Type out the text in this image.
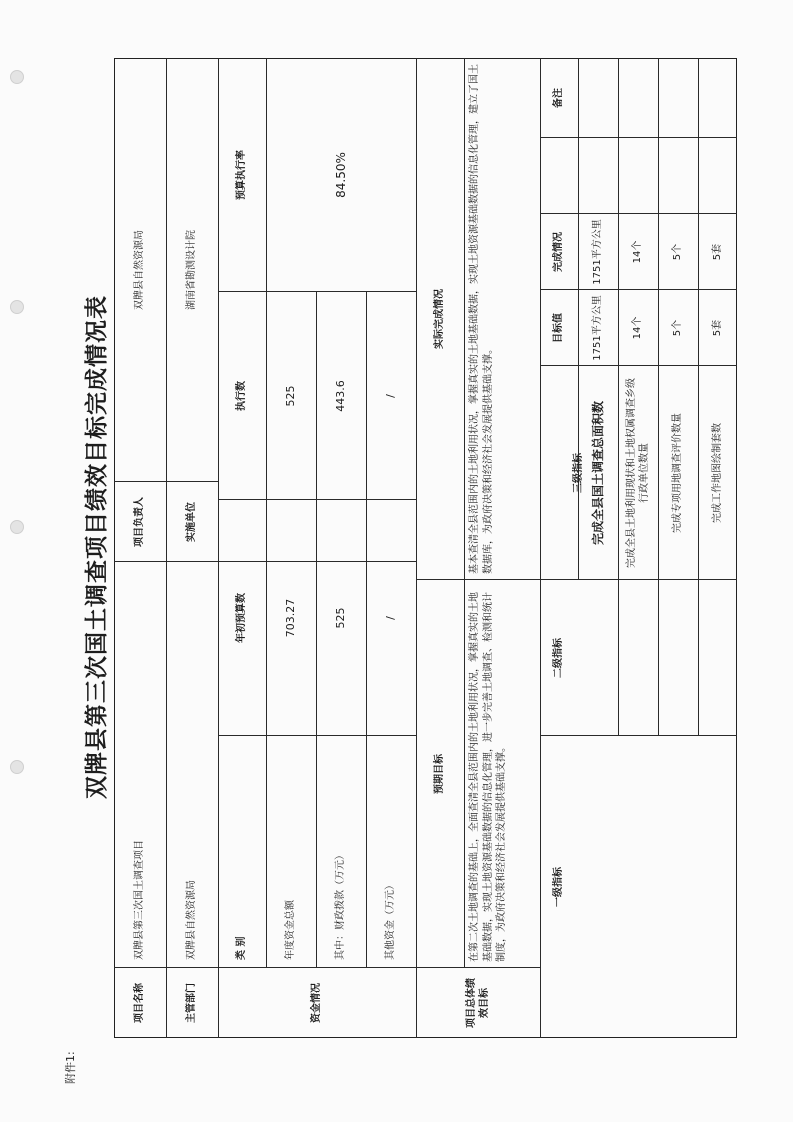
附件1:
双牌县第三次国土调查项目绩效目标完成情况表
项目名称
双牌县第三次国土调查项目
项目负责人
双牌县自然资源局
主管部门
双牌县自然资源局
实施单位
湖南省勘测设计院
资金情况
类 别
年初预算数
执行数
预算执行率
年度资金总额
703.27
525
其中：财政拨款（万元）
525
443.6
其他资金（万元）
/
/
84.50%
项目总体绩效目标
预期目标
实际完成情况
在第二次土地调查的基础上，全面查清全县范围内的土地利用状况，掌握真实的土地基础数据，实现土地资源基础数据的信息化管理，进一步完善土地调查、检测和统计制度，为政府决策和经济社会发展提供基础支撑。
基本查清全县范围内的土地利用状况，掌握真实的土地基础数据，实现土地资源基础数据的信息化管理，建立了国土数据库，为政府决策和经济社会发展提供基础支撑。
一级指标
二级指标
三级指标
目标值
完成情况
备注
完成全县国土调查总面积数
1751平方公里
1751平方公里
完成全县土地利用现状和土地权属调查乡级行政单位数量
14个
14个
完成专项用地调查评价数量
5个
5个
完成工作地图绘制套数
5套
5套
